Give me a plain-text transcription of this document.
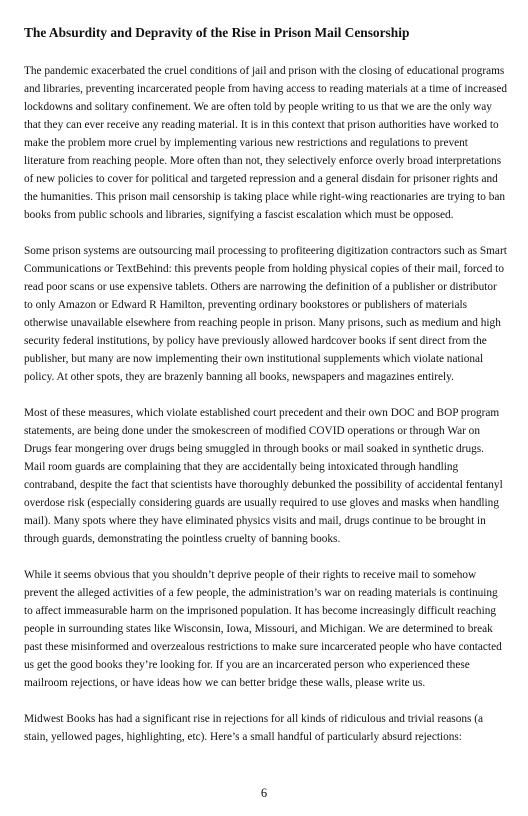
The Absurdity and Depravity of the Rise in Prison Mail Censorship

The pandemic exacerbated the cruel conditions of jail and prison with the closing of educational programs and libraries, preventing incarcerated people from having access to reading materials at a time of increased lockdowns and solitary confinement. We are often told by people writing to us that we are the only way that they can ever receive any reading material. It is in this context that prison authorities have worked to make the problem more cruel by implementing various new restrictions and regulations to prevent literature from reaching people. More often than not, they selectively enforce overly broad interpretations of new policies to cover for political and targeted repression and a general disdain for prisoner rights and the humanities. This prison mail censorship is taking place while right-wing reactionaries are trying to ban books from public schools and libraries, signifying a fascist escalation which must be opposed.

Some prison systems are outsourcing mail processing to profiteering digitization contractors such as Smart Communications or TextBehind: this prevents people from holding physical copies of their mail, forced to read poor scans or use expensive tablets. Others are narrowing the definition of a publisher or distributor to only Amazon or Edward R Hamilton, preventing ordinary bookstores or publishers of materials otherwise unavailable elsewhere from reaching people in prison. Many prisons, such as medium and high security federal institutions, by policy have previously allowed hardcover books if sent direct from the publisher, but many are now implementing their own institutional supplements which violate national policy. At other spots, they are brazenly banning all books, newspapers and magazines entirely.

Most of these measures, which violate established court precedent and their own DOC and BOP program statements, are being done under the smokescreen of modified COVID operations or through War on Drugs fear mongering over drugs being smuggled in through books or mail soaked in synthetic drugs. Mail room guards are complaining that they are accidentally being intoxicated through handling contraband, despite the fact that scientists have thoroughly debunked the possibility of accidental fentanyl overdose risk (especially considering guards are usually required to use gloves and masks when handling mail). Many spots where they have eliminated physics visits and mail, drugs continue to be brought in through guards, demonstrating the pointless cruelty of banning books.

While it seems obvious that you shouldn’t deprive people of their rights to receive mail to somehow prevent the alleged activities of a few people, the administration’s war on reading materials is continuing to affect immeasurable harm on the imprisoned population. It has become increasingly difficult reaching people in surrounding states like Wisconsin, Iowa, Missouri, and Michigan. We are determined to break past these misinformed and overzealous restrictions to make sure incarcerated people who have contacted us get the good books they’re looking for. If you are an incarcerated person who experienced these mailroom rejections, or have ideas how we can better bridge these walls, please write us.

Midwest Books has had a significant rise in rejections for all kinds of ridiculous and trivial reasons (a stain, yellowed pages, highlighting, etc). Here’s a small handful of particularly absurd rejections:

6
